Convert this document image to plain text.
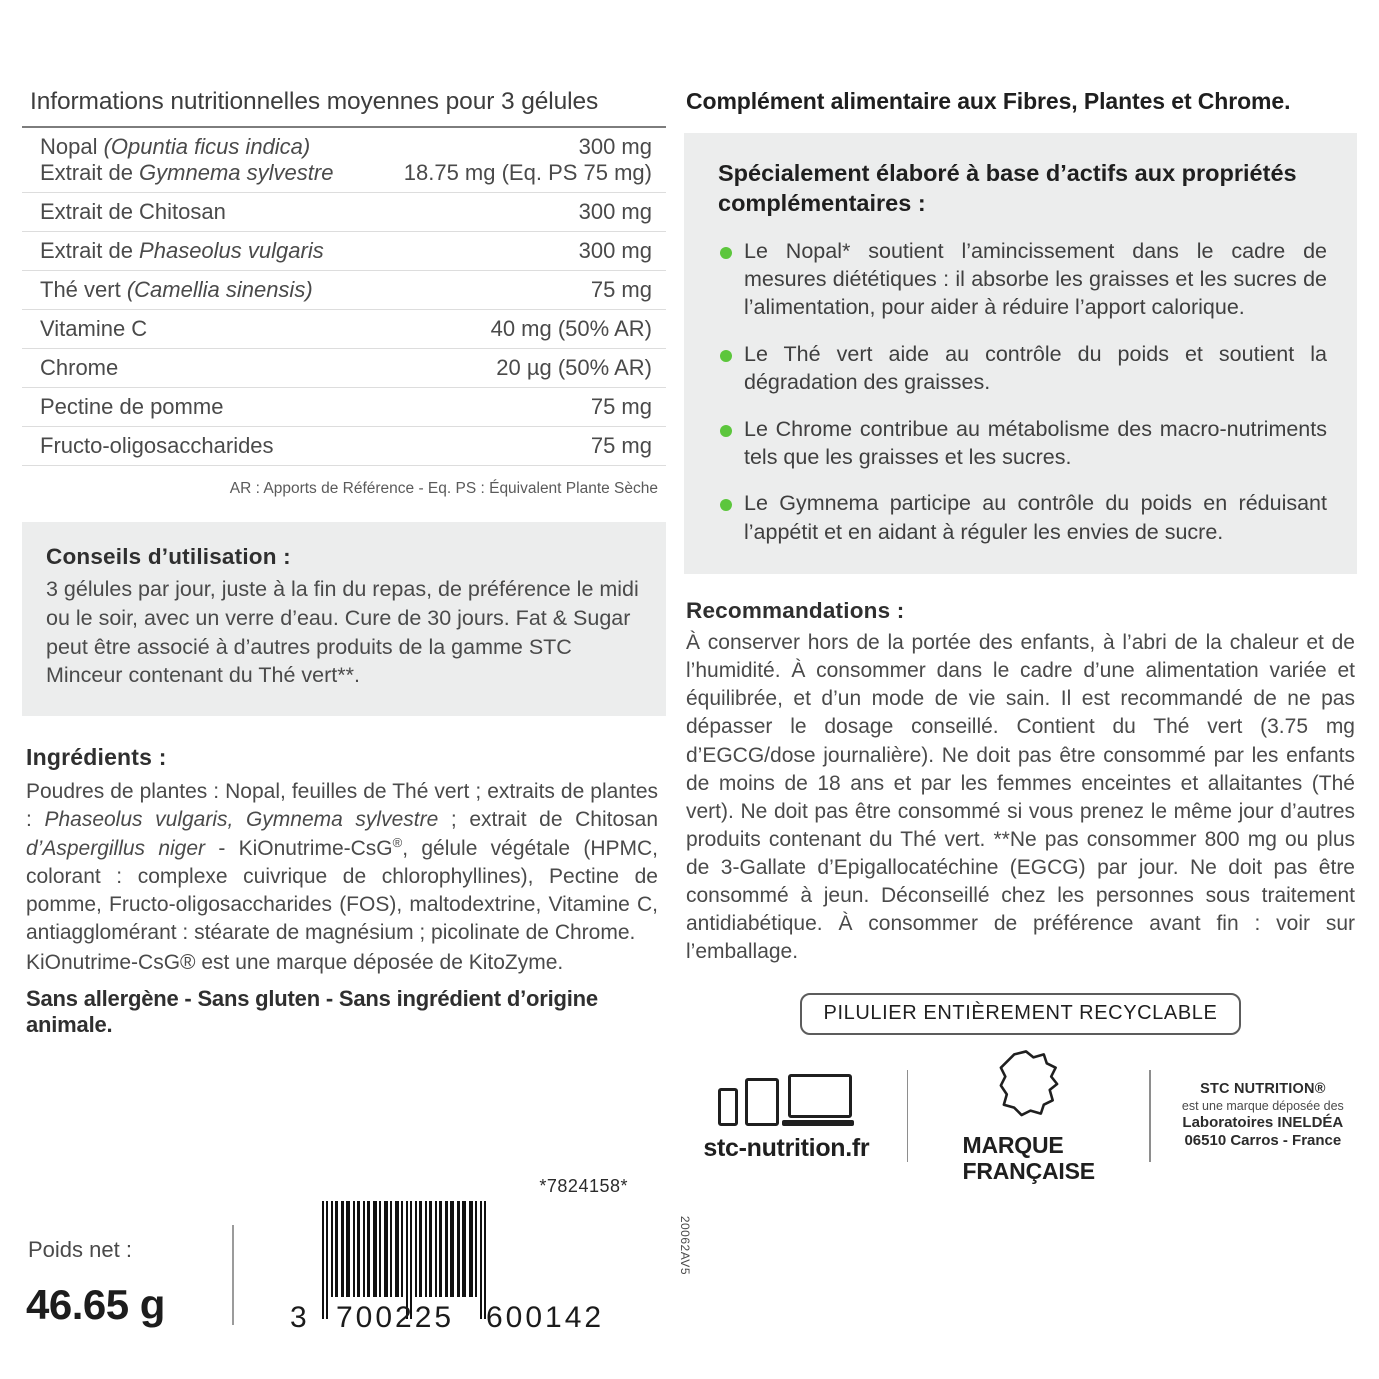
Informations nutritionnelles moyennes pour 3 gélules
Nopal (Opuntia ficus indica)	300 mg
Extrait de Gymnema sylvestre	18.75 mg (Eq. PS 75 mg)
Extrait de Chitosan	300 mg
Extrait de Phaseolus vulgaris	300 mg
Thé vert (Camellia sinensis)	75 mg
Vitamine C	40 mg (50% AR)
Chrome	20 µg (50% AR)
Pectine de pomme	75 mg
Fructo-oligosaccharides	75 mg
AR : Apports de Référence - Eq. PS : Équivalent Plante Sèche
Conseils d’utilisation :
3 gélules par jour, juste à la fin du repas, de préférence le midi ou le soir, avec un verre d’eau. Cure de 30 jours. Fat & Sugar peut être associé à d’autres produits de la gamme STC Minceur contenant du Thé vert**.
Ingrédients :
Poudres de plantes : Nopal, feuilles de Thé vert ; extraits de plantes : Phaseolus vulgaris, Gymnema sylvestre ; extrait de Chitosan d’Aspergillus niger - KiOnutrime-CsG®, gélule végétale (HPMC, colorant : complexe cuivrique de chlorophyllines), Pectine de pomme, Fructo-oligosaccharides (FOS), maltodextrine, Vitamine C, antiagglomérant : stéarate de magnésium ; picolinate de Chrome.
KiOnutrime-CsG® est une marque déposée de KitoZyme.
Sans allergène - Sans gluten - Sans ingrédient d’origine animale.
Poids net :
46.65 g
*7824158*
3 700225 600142
20062AV5
Complément alimentaire aux Fibres, Plantes et Chrome.
Spécialement élaboré à base d’actifs aux propriétés complémentaires :
Le Nopal* soutient l’amincissement dans le cadre de mesures diététiques : il absorbe les graisses et les sucres de l’alimentation, pour aider à réduire l’apport calorique.
Le Thé vert aide au contrôle du poids et soutient la dégradation des graisses.
Le Chrome contribue au métabolisme des macro-nutriments tels que les graisses et les sucres.
Le Gymnema participe au contrôle du poids en réduisant l’appétit et en aidant à réguler les envies de sucre.
Recommandations :
À conserver hors de la portée des enfants, à l’abri de la chaleur et de l’humidité. À consommer dans le cadre d’une alimentation variée et équilibrée, et d’un mode de vie sain. Il est recommandé de ne pas dépasser le dosage conseillé. Contient du Thé vert (3.75 mg d’EGCG/dose journalière). Ne doit pas être consommé par les enfants de moins de 18 ans et par les femmes enceintes et allaitantes (Thé vert). Ne doit pas être consommé si vous prenez le même jour d’autres produits contenant du Thé vert. **Ne pas consommer 800 mg ou plus de 3-Gallate d’Epigallocatéchine (EGCG) par jour. Ne doit pas être consommé à jeun. Déconseillé chez les personnes sous traitement antidiabétique. À consommer de préférence avant fin : voir sur l’emballage.
PILULIER ENTIÈREMENT RECYCLABLE
stc-nutrition.fr	MARQUE
FRANÇAISE
STC NUTRITION®
est une marque déposée des
Laboratoires INELDÉA
06510 Carros - France
